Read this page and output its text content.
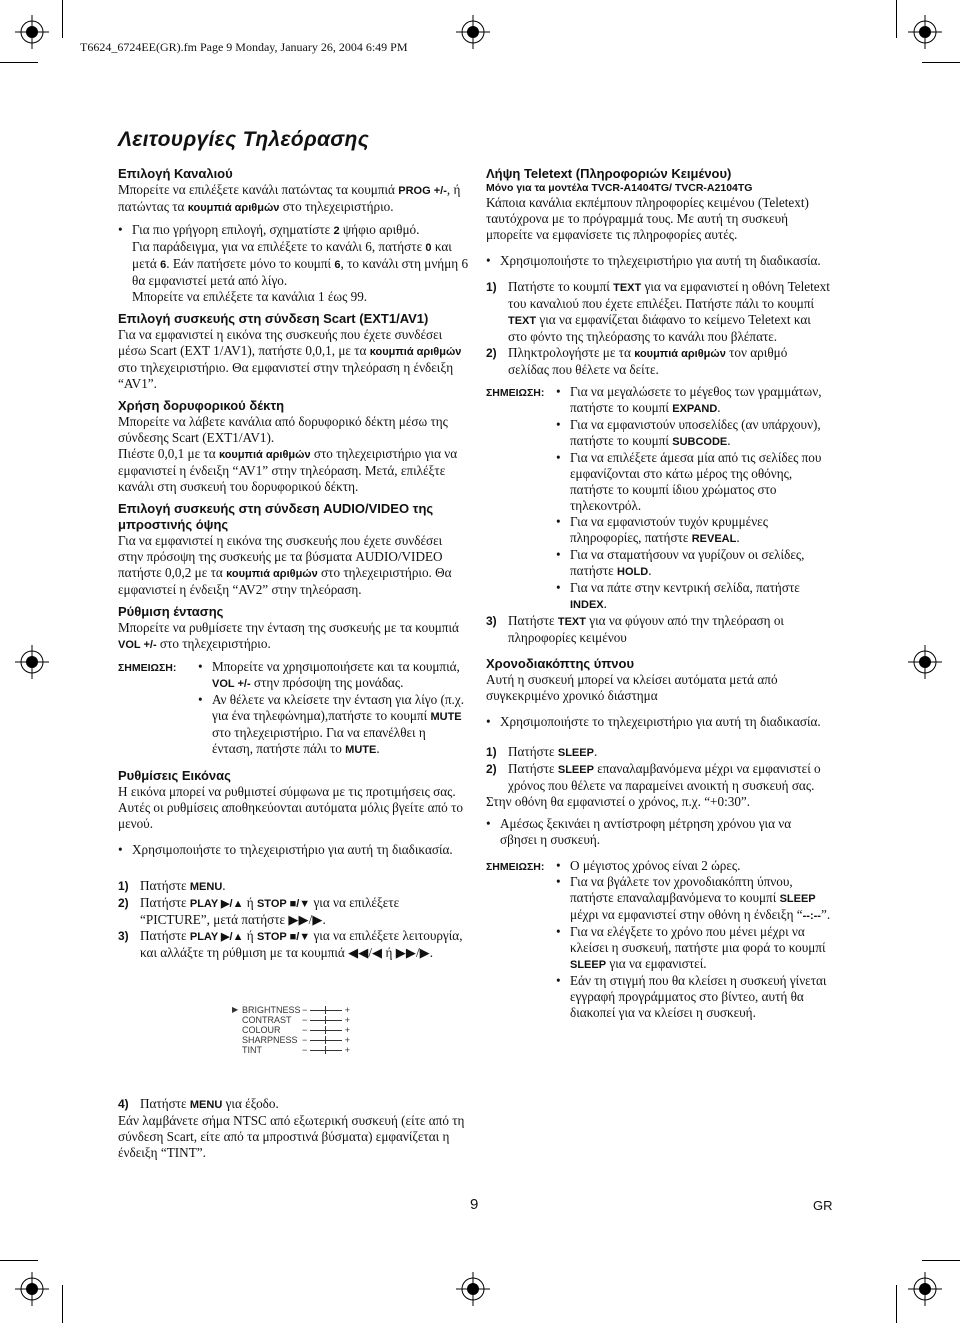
T6624_6724EE(GR).fm Page 9 Monday, January 26, 2004 6:49 PM
Λειτουργίες Τηλεόρασης
Επιλογή Καναλιού

Μπορείτε να επιλέξετε κανάλι πατώντας τα κουμπιά PROG +/-, ή πατώντας τα κουμπιά αριθμών στο τηλεχειριστήριο.

• Για πιο γρήγορη επιλογή, σχηματίστε 2 ψήφιο αριθμό.
Για παράδειγμα, για να επιλέξετε το κανάλι 6, πατήστε 0 και μετά 6. Εάν πατήσετε μόνο το κουμπί 6, το κανάλι στη μνήμη 6 θα εμφανιστεί μετά από λίγο.
Μπορείτε να επιλέξετε τα κανάλια 1 έως 99.
Επιλογή συσκευής στη σύνδεση Scart (EXT1/AV1)

Για να εμφανιστεί η εικόνα της συσκευής που έχετε συνδέσει μέσω Scart (EXT 1/AV1), πατήστε 0,0,1, με τα κουμπιά αριθμών στο τηλεχειριστήριο. Θα εμφανιστεί στην τηλεόραση η ένδειξη “AV1”.

Χρήση δορυφορικού δέκτη

Μπορείτε να λάβετε κανάλια από δορυφορικό δέκτη μέσω της σύνδεσης Scart (EXT1/AV1).

Πιέστε 0,0,1 με τα κουμπιά αριθμών στο τηλεχειριστήριο για να εμφανιστεί η ένδειξη “AV1” στην τηλεόραση. Μετά, επιλέξτε κανάλι στη συσκευή του δορυφορικού δέκτη.

Επιλογή συσκευής στη σύνδεση AUDIO/VIDEO της μπροστινής όψης

Για να εμφανιστεί η εικόνα της συσκευής που έχετε συνδέσει στην πρόσοψη της συσκευής με τα βύσματα AUDIO/VIDEO πατήστε 0,0,2 με τα κουμπιά αριθμών στο τηλεχειριστήριο. Θα εμφανιστεί η ένδειξη “AV2” στην τηλεόραση.

Ρύθμιση έντασης

Μπορείτε να ρυθμίσετε την ένταση της συσκευής με τα κουμπιά VOL +/- στο τηλεχειριστήριο.

ΣΗΜΕΙΩΣΗ:	• Μπορείτε να χρησιμοποιήσετε και τα κουμπιά, VOL +/- στην πρόσοψη της μονάδας.
• Αν θέλετε να κλείσετε την ένταση για λίγο (π.χ. για ένα τηλεφώνημα),πατήστε το κουμπί MUTE στο τηλεχειριστήριο. Για να επανέλθει η ένταση, πατήστε πάλι το MUTE.
Ρυθμίσεις Εικόνας

Η εικόνα μπορεί να ρυθμιστεί σύμφωνα με τις προτιμήσεις σας. Αυτές οι ρυθμίσεις αποθηκεύονται αυτόματα μόλις βγείτε από το μενού.

• Χρησιμοποιήστε το τηλεχειριστήριο για αυτή τη διαδικασία.
1) Πατήστε MENU.
2) Πατήστε PLAY ▶/▲ ή STOP ■/▼ για να επιλέξετε “PICTURE”, μετά πατήστε ▶▶/▶.
3) Πατήστε PLAY ▶/▲ ή STOP ■/▼ για να επιλέξετε λειτουργία, και αλλάξτε τη ρύθμιση με τα κουμπιά ◀◀/◀ ή ▶▶/▶.
▶ BRIGHTNESS −	+
CONTRAST	−	+
COLOUR	−	+
SHARPNESS −	+
TINT	−	+
4) Πατήστε MENU για έξοδο.

Εάν λαμβάνετε σήμα NTSC από εξωτερική συσκευή (είτε από τη σύνδεση Scart, είτε από τα μπροστινά βύσματα) εμφανίζεται η ένδειξη “TINT”.

Λήψη Teletext (Πληροφοριών Κειμένου)

Μόνο για τα μοντέλα TVCR-A1404TG/ TVCR-A2104TG

Κάποια κανάλια εκπέμπουν πληροφορίες κειμένου (Teletext) ταυτόχρονα με το πρόγραμμά τους. Με αυτή τη συσκευή μπορείτε να εμφανίσετε τις πληροφορίες αυτές.

• Χρησιμοποιήστε το τηλεχειριστήριο για αυτή τη διαδικασία.
1) Πατήστε το κουμπί TEXT για να εμφανιστεί η οθόνη Teletext του καναλιού που έχετε επιλέξει. Πατήστε πάλι το κουμπί TEXT για να εμφανίζεται διάφανο το κείμενο Teletext και στο φόντο της τηλεόρασης το κανάλι που βλέπατε.
2) Πληκτρολογήστε με τα κουμπιά αριθμών τον αριθμό σελίδας που θέλετε να δείτε.
ΣΗΜΕΙΩΣΗ: • Για να μεγαλώσετε το μέγεθος των γραμμάτων, πατήστε το κουμπί EXPAND.
• Για να εμφανιστούν υποσελίδες (αν υπάρχουν), πατήστε το κουμπί SUBCODE.
• Για να επιλέξετε άμεσα μία από τις σελίδες που εμφανίζονται στο κάτω μέρος της οθόνης, πατήστε το κουμπί ίδιου χρώματος στο τηλεκοντρόλ.
• Για να εμφανιστούν τυχόν κρυμμένες πληροφορίες, πατήστε REVEAL.
• Για να σταματήσουν να γυρίζουν οι σελίδες, πατήστε HOLD.
• Για να πάτε στην κεντρική σελίδα, πατήστε INDEX.
3) Πατήστε TEXT για να φύγουν από την τηλεόραση οι πληροφορίες κειμένου
Χρονοδιακόπτης ύπνου

Αυτή η συσκευή μπορεί να κλείσει αυτόματα μετά από συγκεκριμένο χρονικό διάστημα

• Χρησιμοποιήστε το τηλεχειριστήριο για αυτή τη διαδικασία.
1) Πατήστε SLEEP.
2) Πατήστε SLEEP επαναλαμβανόμενα μέχρι να εμφανιστεί ο χρόνος που θέλετε να παραμείνει ανοικτή η συσκευή σας.

Στην οθόνη θα εμφανιστεί ο χρόνος, π.χ. “+0:30”.

• Αμέσως ξεκινάει η αντίστροφη μέτρηση χρόνου για να σβησει η συσκευή.
ΣΗΜΕΙΩΣΗ: • Ο μέγιστος χρόνος είναι 2 ώρες.
• Για να βγάλετε τον χρονοδιακόπτη ύπνου, πατήστε επαναλαμβανόμενα το κουμπί SLEEP μέχρι να εμφανιστεί στην οθόνη η ένδειξη “--:--”.
• Για να ελέγξετε το χρόνο που μένει μέχρι να κλείσει η συσκευή, πατήστε μια φορά το κουμπί SLEEP για να εμφανιστεί.
• Εάν τη στιγμή που θα κλείσει η συσκευή γίνεται εγγραφή προγράμματος στο βίντεο, αυτή θα διακοπεί για να κλείσει η συσκευή.
9	GR
